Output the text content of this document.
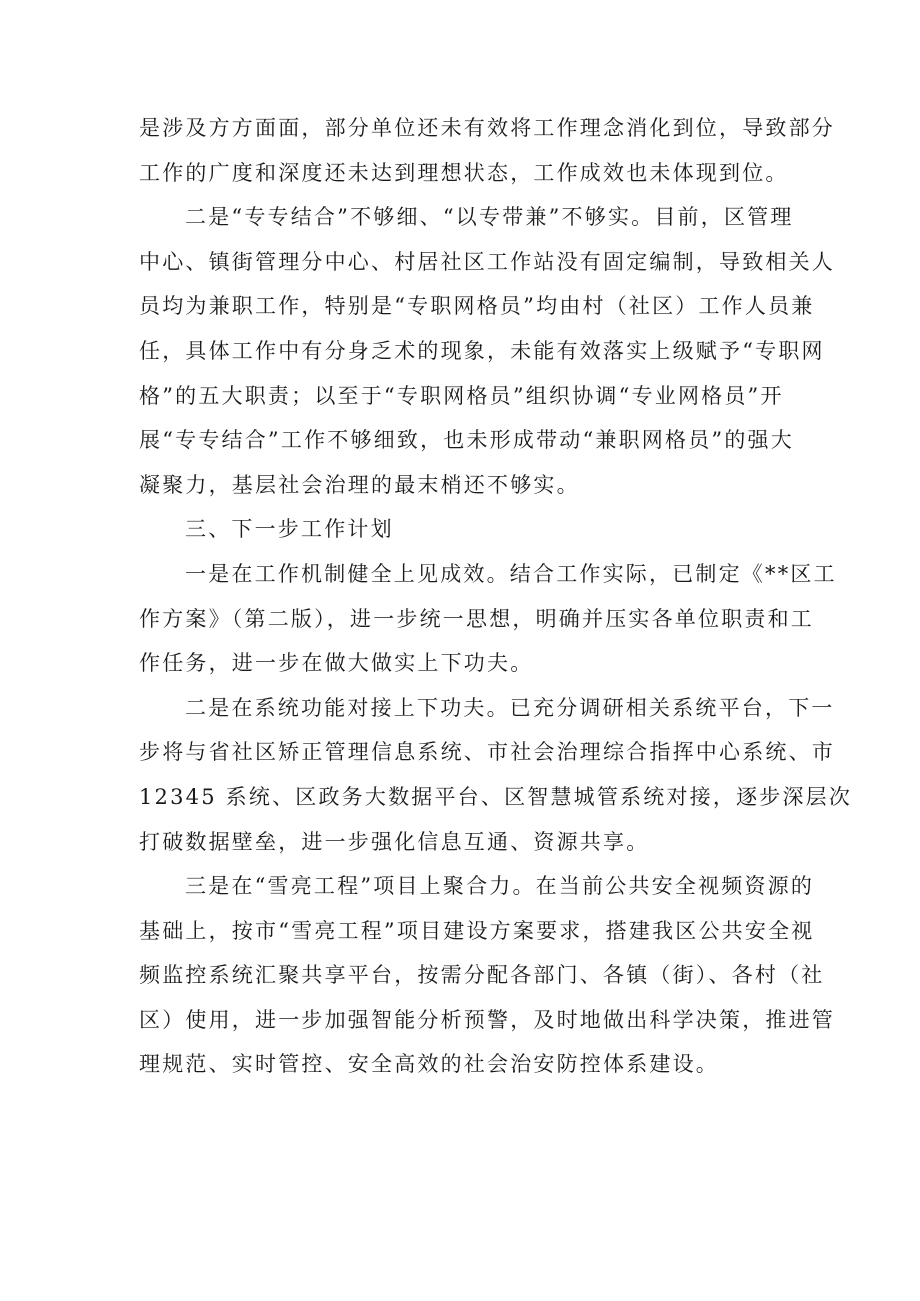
是涉及方方面面，部分单位还未有效将工作理念消化到位，导致部分
工作的广度和深度还未达到理想状态，工作成效也未体现到位。
二是“专专结合”不够细、“以专带兼”不够实。目前，区管理
中心、镇街管理分中心、村居社区工作站没有固定编制，导致相关人
员均为兼职工作，特别是“专职网格员”均由村（社区）工作人员兼
任，具体工作中有分身乏术的现象，未能有效落实上级赋予“专职网
格”的五大职责；以至于“专职网格员”组织协调“专业网格员”开
展“专专结合”工作不够细致，也未形成带动“兼职网格员”的强大
凝聚力，基层社会治理的最末梢还不够实。
三、下一步工作计划
一是在工作机制健全上见成效。结合工作实际，已制定《**区工
作方案》（第二版），进一步统一思想，明确并压实各单位职责和工
作任务，进一步在做大做实上下功夫。
二是在系统功能对接上下功夫。已充分调研相关系统平台，下一
步将与省社区矫正管理信息系统、市社会治理综合指挥中心系统、市
12345 系统、区政务大数据平台、区智慧城管系统对接，逐步深层次
打破数据壁垒，进一步强化信息互通、资源共享。
三是在“雪亮工程”项目上聚合力。在当前公共安全视频资源的
基础上，按市“雪亮工程”项目建设方案要求，搭建我区公共安全视
频监控系统汇聚共享平台，按需分配各部门、各镇（街）、各村（社
区）使用，进一步加强智能分析预警，及时地做出科学决策，推进管
理规范、实时管控、安全高效的社会治安防控体系建设。
